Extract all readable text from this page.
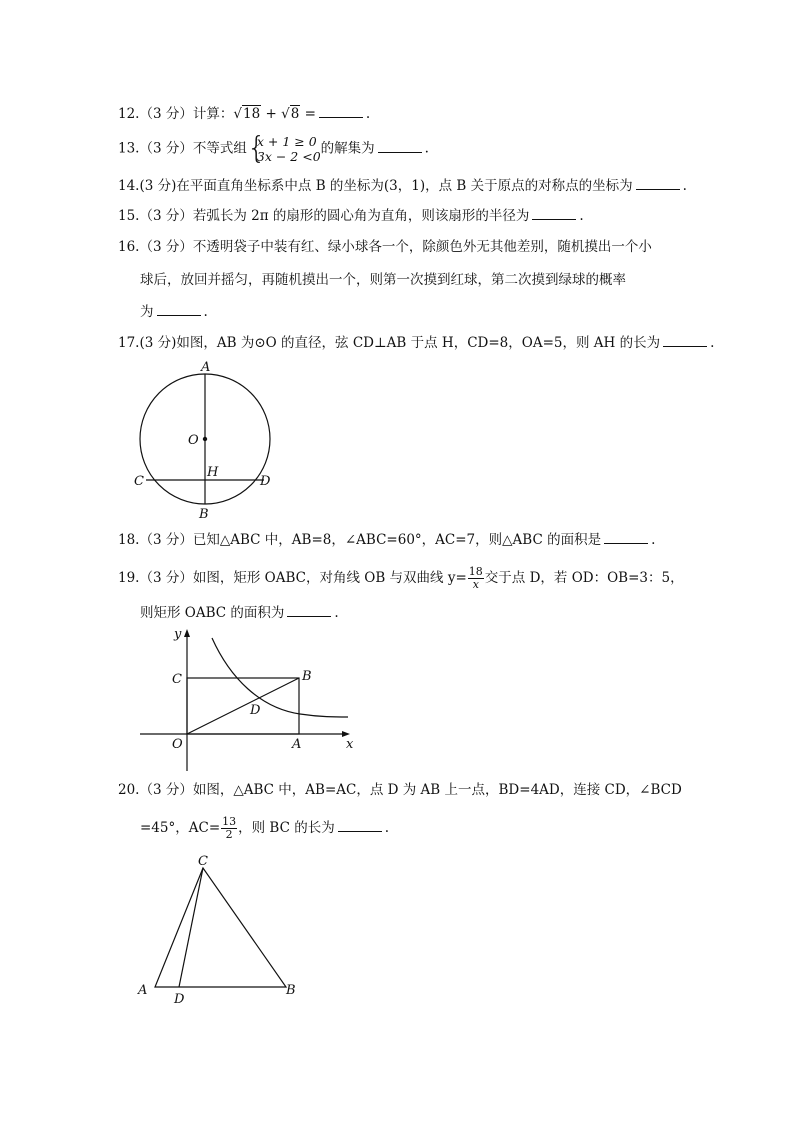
12.（3 分）计算：√18 + √8 =	.
13.（3 分）不等式组 {
x + 1 ≥ 0
3x − 2 <0 的解集为	.
14.(3 分)在平面直角坐标系中点 B 的坐标为(3，1)，点 B 关于原点的对称点的坐标为	.
15.（3 分）若弧长为 2π 的扇形的圆心角为直角，则该扇形的半径为	.
16.（3 分）不透明袋子中装有红、绿小球各一个，除颜色外无其他差别，随机摸出一个小
球后，放回并摇匀，再随机摸出一个，则第一次摸到红球，第二次摸到绿球的概率
为	.
17.(3 分)如图，AB 为⊙O 的直径，弦 CD⊥AB 于点 H，CD=8，OA=5，则 AH 的长为	.
A
O
H
C	D
B
18.（3 分）已知△ABC 中，AB=8，∠ABC=60°，AC=7，则△ABC 的面积是	.
19.（3 分）如图，矩形 OABC，对角线 OB 与双曲线 $y= \frac{18}{x}$ 交于点 D，若 OD：OB=3：5，
则矩形 OABC 的面积为	.
y
x
C	B
D
O	A
20.（3 分）如图，△ABC 中，AB=AC，点 D 为 AB 上一点，BD=4AD，连接 CD，∠BCD
=45°，$AC= \frac{13}{2}$ ，则 BC 的长为	.
C
A
D
B
